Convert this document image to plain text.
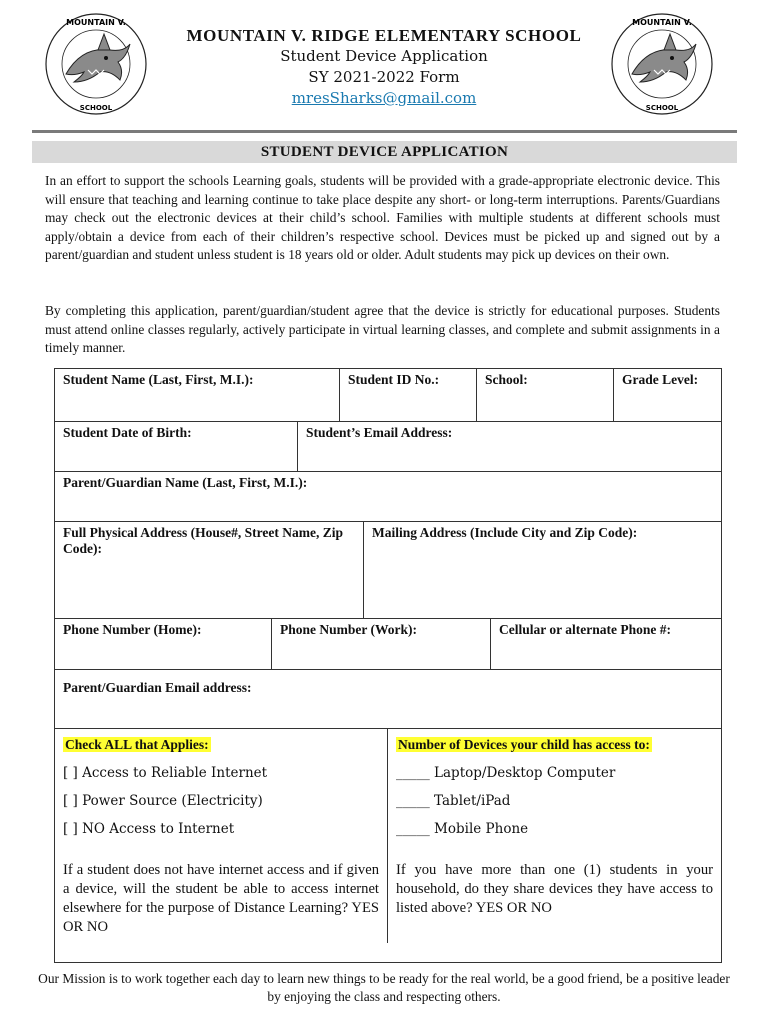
MOUNTAIN V.
SCHOOL
MOUNTAIN V. RIDGE ELEMENTARY SCHOOL
Student Device Application
SY 2021-2022 Form
mresSharks@gmail.com
MOUNTAIN V.
SCHOOL
STUDENT DEVICE APPLICATION
In an effort to support the schools Learning goals, students will be provided with a grade-appropriate electronic device. This will ensure that teaching and learning continue to take place despite any short- or long-term interruptions. Parents/Guardians may check out the electronic devices at their child’s school. Families with multiple students at different schools must apply/obtain a device from each of their children’s respective school. Devices must be picked up and signed out by a parent/guardian and student unless student is 18 years old or older. Adult students may pick up devices on their own.
By completing this application, parent/guardian/student agree that the device is strictly for educational purposes. Students must attend online classes regularly, actively participate in virtual learning classes, and complete and submit assignments in a timely manner.
Student Name (Last, First, M.I.):	Student ID No.:	School:	Grade Level:

Student Date of Birth:	Student’s Email Address:

Parent/Guardian Name (Last, First, M.I.):

Full Physical Address (House#, Street Name, Zip Code):	Mailing Address (Include City and Zip Code):

Phone Number (Home):	Phone Number (Work):	Cellular or alternate Phone #:

Parent/Guardian Email address:

Check ALL that Applies:

[ ] Access to Reliable Internet

[ ] Power Source (Electricity)

[ ] NO Access to Internet

If a student does not have internet access and if given a device, will the student be able to access internet elsewhere for the purpose of Distance Learning? YES OR NO

Number of Devices your child has access to:

_____ Laptop/Desktop Computer

_____ Tablet/iPad

_____ Mobile Phone

If you have more than one (1) students in your household, do they share devices they have access to listed above? YES OR NO
Our Mission is to work together each day to learn new things to be ready for the real world, be a good friend, be a positive leader by enjoying the class and respecting others.
